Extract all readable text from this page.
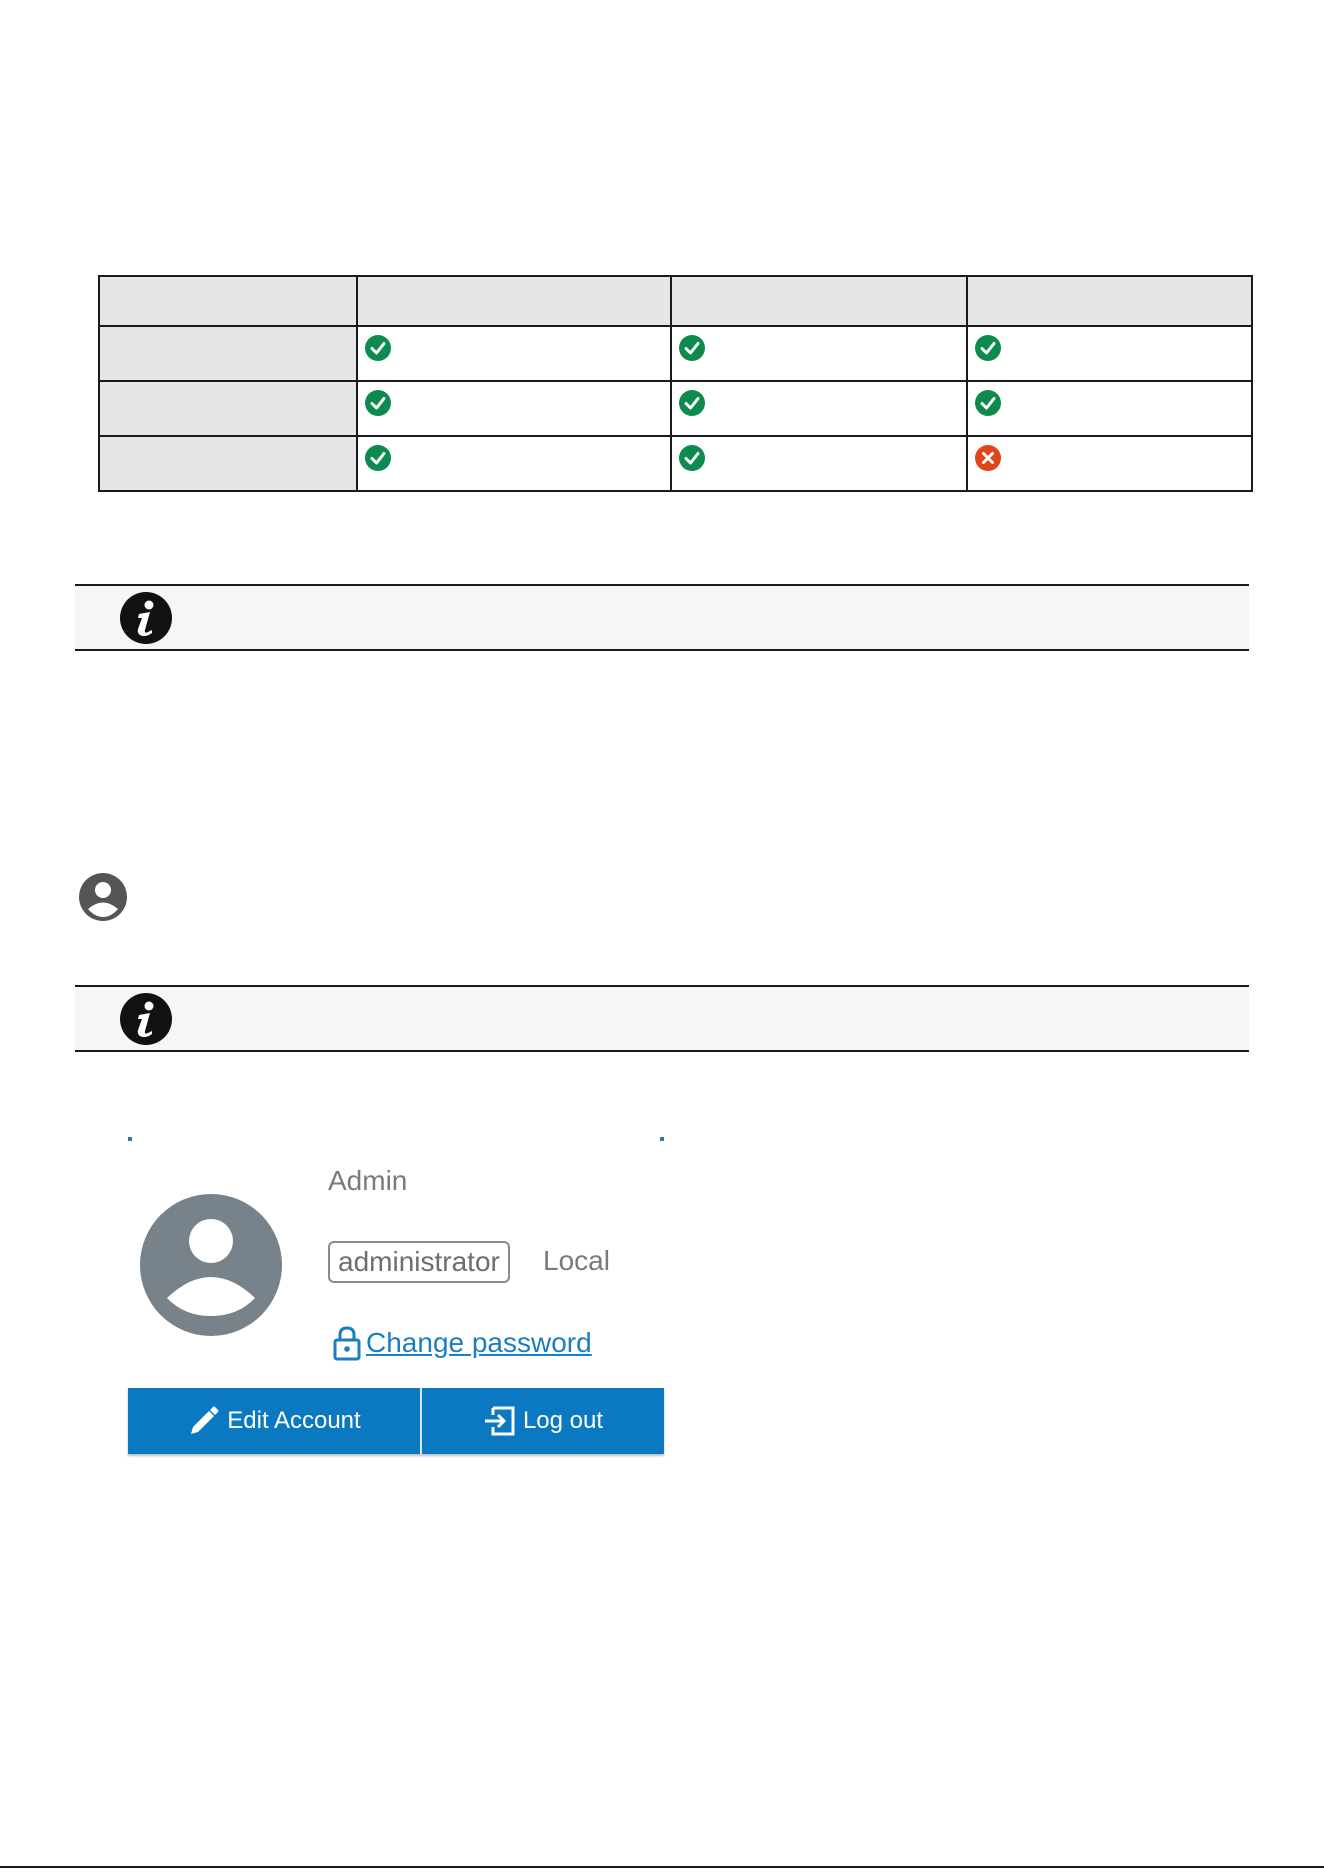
Admin
administrator	Local
Change password
Edit Account	Log out
